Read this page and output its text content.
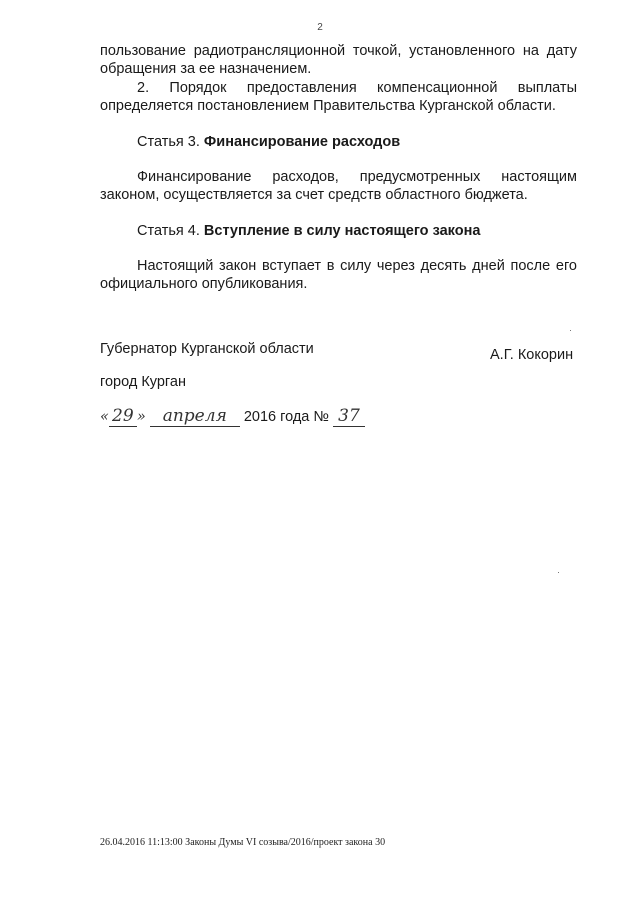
2
пользование радиотрансляционной точкой, установленного на дату обращения за ее назначением.
2. Порядок предоставления компенсационной выплаты определяется постановлением Правительства Курганской области.
Статья 3. Финансирование расходов
Финансирование расходов, предусмотренных настоящим законом, осуществляется за счет средств областного бюджета.
Статья 4. Вступление в силу настоящего закона
Настоящий закон вступает в силу через десять дней после его официального опубликования.
Губернатор Курганской области	А.Г. Кокорин
город Курган
« 29 » апреля 2016 года № 37
26.04.2016 11:13:00 Законы Думы VI созыва/2016/проект закона 30
